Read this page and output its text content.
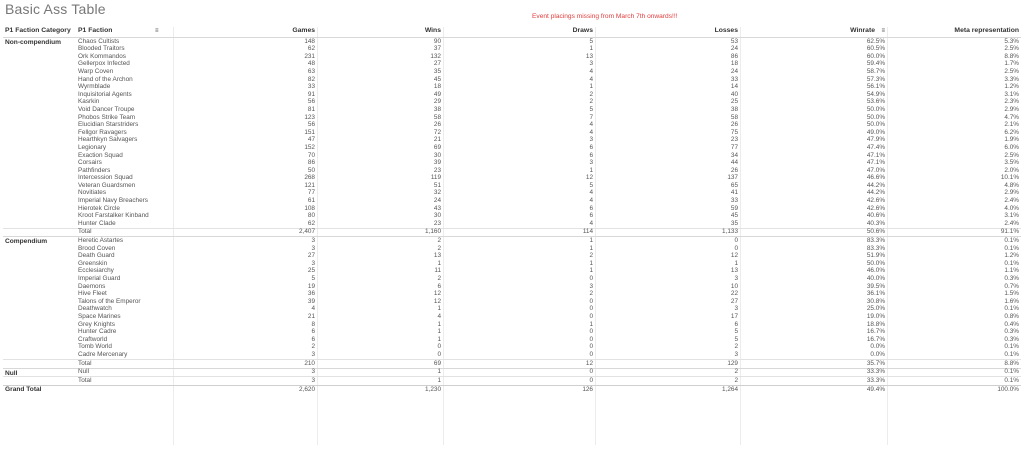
Basic Ass Table	Event placings missing from March 7th onwards!!!
P1 Faction Category P1 Faction	≡	Games	Wins	Draws	Losses	Winrate ≡	Meta representation
Non-compendium	Chaos Cultists	148	90	5	53	62.5%	5.3%
Blooded Traitors	62	37	1	24	60.5%	2.5%
Ork Kommandos	231	132	13	86	60.0%	8.8%
Gellerpox Infected	48	27	3	18	59.4%	1.7%
Warp Coven	63	35	4	24	58.7%	2.5%
Hand of the Archon	82	45	4	33	57.3%	3.3%
Wyrmblade	33	18	1	14	56.1%	1.2%
Inquisitorial Agents	91	49	2	40	54.9%	3.1%
Kasrkin	56	29	2	25	53.6%	2.3%
Void Dancer Troupe	81	38	5	38	50.0%	2.9%
Phobos Strike Team	123	58	7	58	50.0%	4.7%
Elucidian Starstriders	56	26	4	26	50.0%	2.1%
Fellgor Ravagers	151	72	4	75	49.0%	6.2%
Hearthkyn Salvagers	47	21	3	23	47.9%	1.9%
Legionary	152	69	6	77	47.4%	6.0%
Exaction Squad	70	30	6	34	47.1%	2.5%
Corsairs	86	39	3	44	47.1%	3.5%
Pathfinders	50	23	1	26	47.0%	2.0%
Intercession Squad	268	119	12	137	46.6%	10.1%
Veteran Guardsmen	121	51	5	65	44.2%	4.8%
Novitiates	77	32	4	41	44.2%	2.9%
Imperial Navy Breachers	61	24	4	33	42.6%	2.4%
Hierotek Circle	108	43	6	59	42.6%	4.0%
Kroot Farstalker Kinband	80	30	6	45	40.6%	3.1%
Hunter Clade	62	23	4	35	40.3%	2.4%
Total	2,407	1,160	114	1,133	50.6%	91.1%
Compendium	Heretic Astartes	3	2	1	0	83.3%	0.1%
Brood Coven	3	2	1	0	83.3%	0.1%
Death Guard	27	13	2	12	51.9%	1.2%
Greenskin	3	1	1	1	50.0%	0.1%
Ecclesiarchy	25	11	1	13	46.0%	1.1%
Imperial Guard	5	2	0	3	40.0%	0.3%
Daemons	19	6	3	10	39.5%	0.7%
Hive Fleet	36	12	2	22	36.1%	1.5%
Talons of the Emperor	39	12	0	27	30.8%	1.6%
Deathwatch	4	1	0	3	25.0%	0.1%
Space Marines	21	4	0	17	19.0%	0.8%
Grey Knights	8	1	1	6	18.8%	0.4%
Hunter Cadre	6	1	0	5	16.7%	0.3%
Craftworld	6	1	0	5	16.7%	0.3%
Tomb World	2	0	0	2	0.0%	0.1%
Cadre Mercenary	3	0	0	3	0.0%	0.1%
Total	210	69	12	129	35.7%	8.8%
Null	Null	3	1	0	2	33.3%	0.1%
Total	3	1	0	2	33.3%	0.1%
Grand Total	2,620	1,230	126	1,264	49.4%	100.0%
